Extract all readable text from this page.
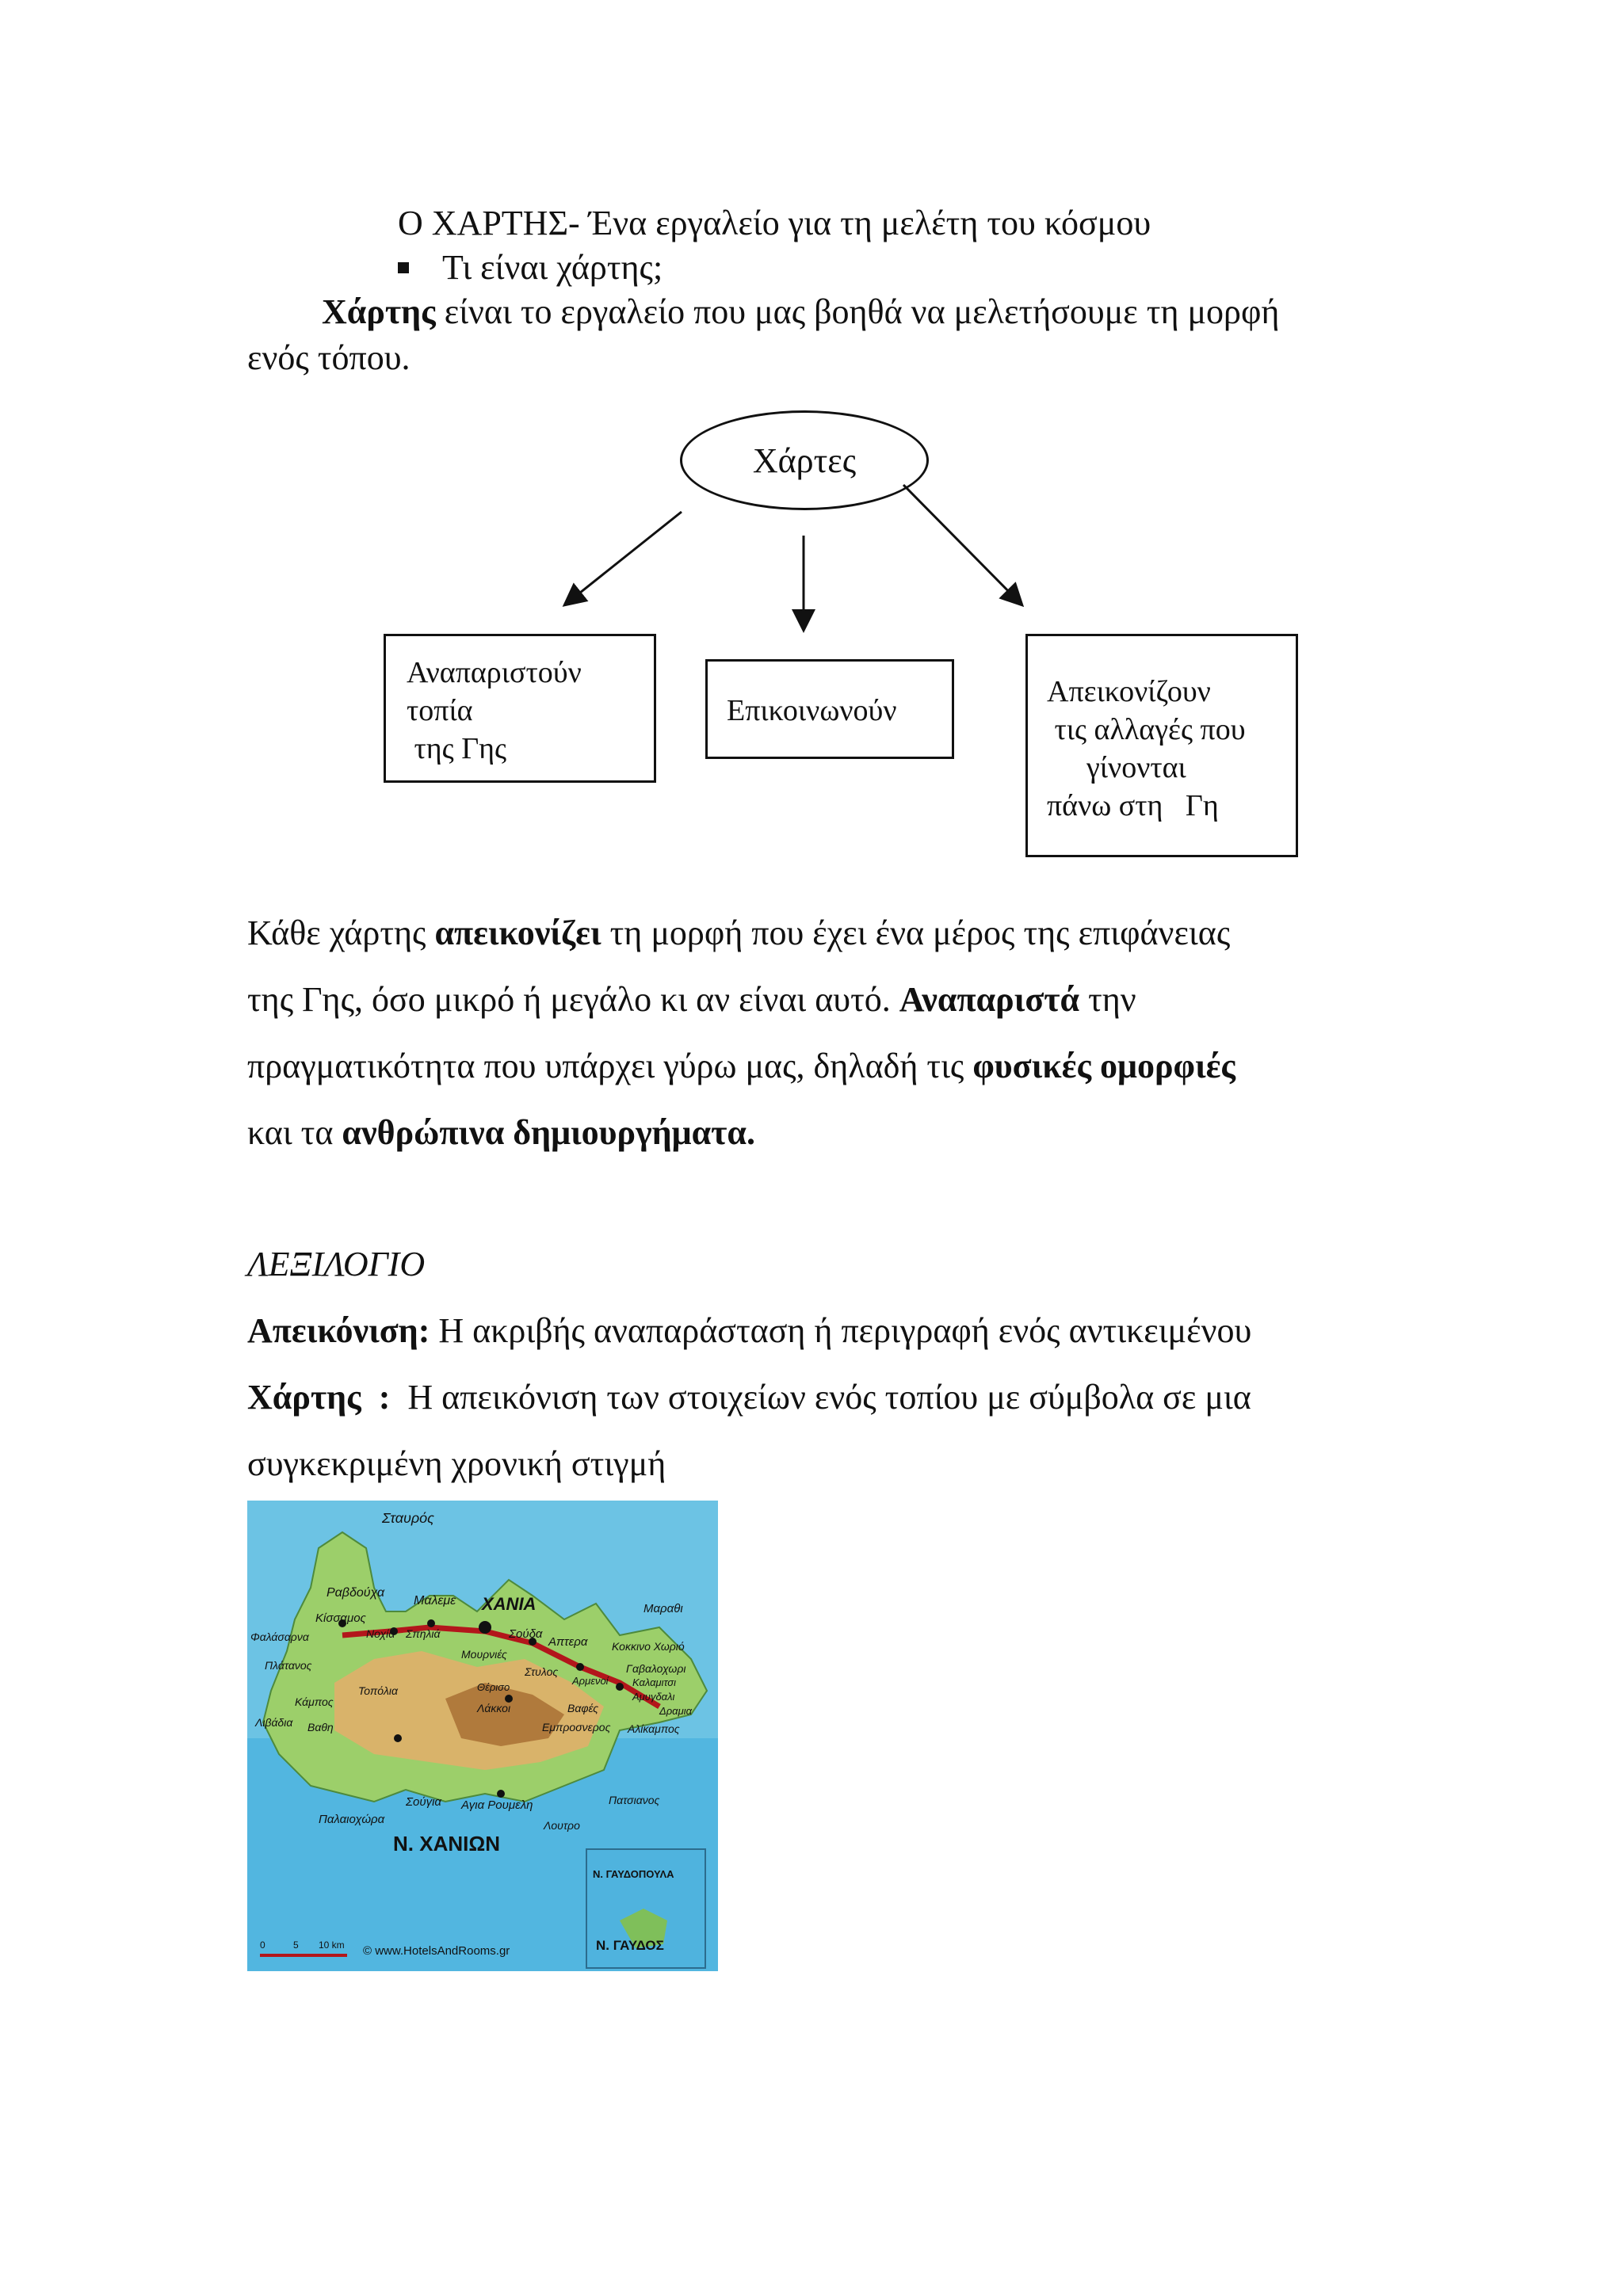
Ο ΧΑΡΤΗΣ- Ένα εργαλείο για τη μελέτη του κόσμου
Τι είναι χάρτης;
Χάρτης είναι το εργαλείο που μας βοηθά να μελετήσουμε τη μορφή
ενός τόπου.
Χάρτες
Αναπαριστούν
τοπία
της Γης
Επικοινωνούν
Απεικονίζουν
τις αλλαγές που
γίνονται
πάνω στη   Γη
Κάθε χάρτης απεικονίζει τη μορφή που έχει ένα μέρος της επιφάνειας
της Γης, όσο μικρό ή μεγάλο κι αν είναι αυτό. Αναπαριστά την
πραγματικότητα που υπάρχει γύρω μας, δηλαδή τις φυσικές ομορφιές
και τα ανθρώπινα δημιουργήματα.
ΛΕΞΙΛΟΓΙΟ
Απεικόνιση: Η ακριβής αναπαράσταση ή περιγραφή ενός αντικειμένου
Χάρτης  :  Η απεικόνιση των στοιχείων ενός τοπίου με σύμβολα σε μια
συγκεκριμένη χρονική στιγμή
Σταυρός
Ραβδούχα
Μαλεμε ΧΑΝΙΑ	Μαραθι
Κίσσαμος
Νοχία Σπηλιά	Σούδα
Απτερα Κοκκινο Χωριό
Φαλάσαρνα
Μουρνιές
Γαβαλοχωρι
Πλάτανος	Στυλος
Αρμενοί Καλαμιτσι
Τοπόλια	Θέρισο
Αμυγδαλι
Κάμπος	Λάκκοι	Βαφές	Δραμια
Λιβάδια Βαθη	Εμπροσνερος Αλίκαμπος
Σούγια Αγια Ρουμελη	Πατσιανος
Παλαιοχώρα	Λουτρο
Ν. ΧΑΝΙΩΝ
Ν. ΓΑΥΔΟΠΟΥΛΑ
Ν. ΓΑΥΔΟΣ
0	5 10 km © www.HotelsAndRooms.gr
